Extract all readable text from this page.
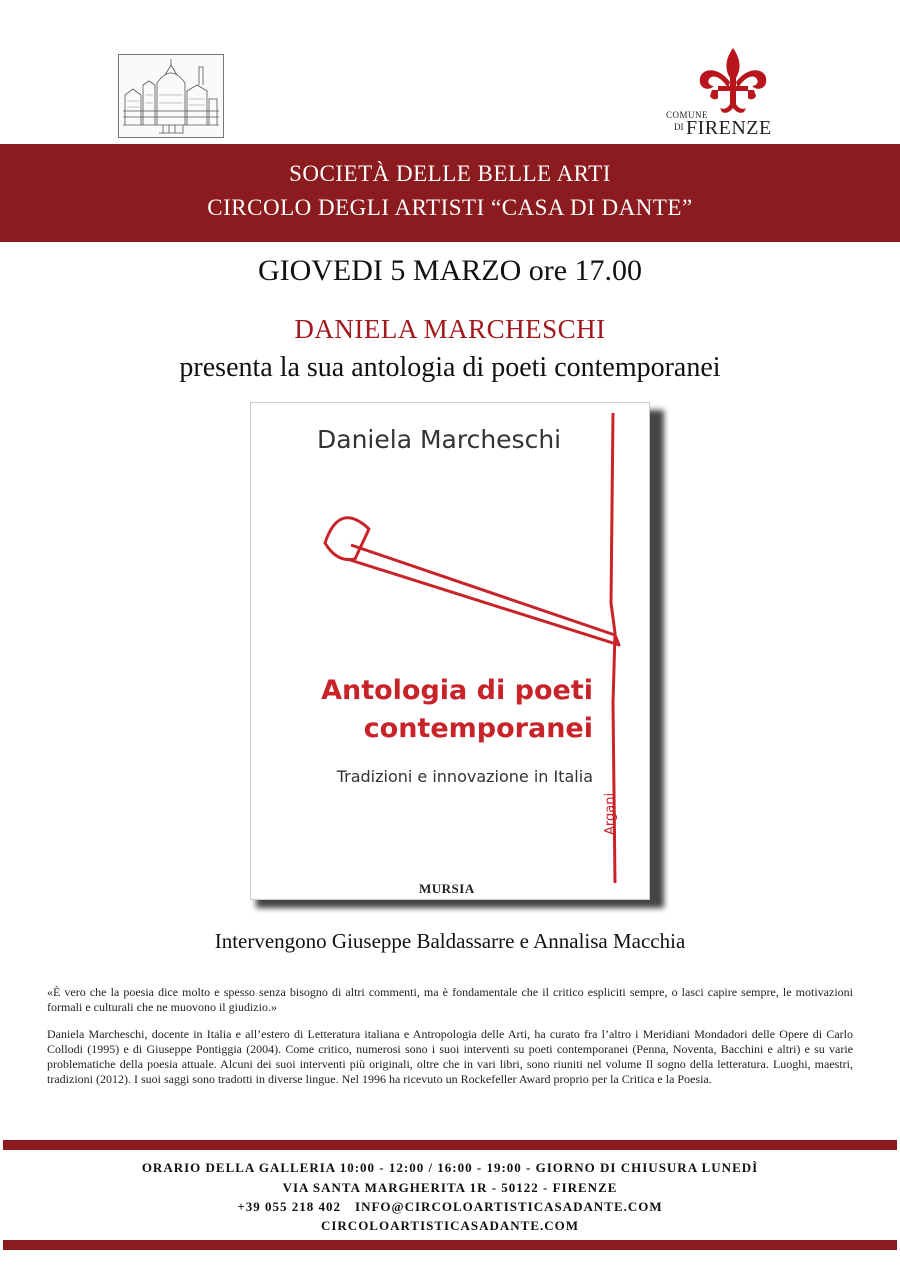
COMUNE
DI FIRENZE
SOCIETÀ DELLE BELLE ARTI
CIRCOLO DEGLI ARTISTI “CASA DI DANTE”
GIOVEDI 5 MARZO ore 17.00
DANIELA MARCHESCHI
presenta la sua antologia di poeti contemporanei
Daniela Marcheschi
Antologia di poeti
contemporanei
Tradizioni e innovazione in Italia
MURSIA
Argani
Intervengono Giuseppe Baldassarre e Annalisa Macchia
«È vero che la poesia dice molto e spesso senza bisogno di altri commenti, ma è fondamentale che il critico espliciti sempre, o lasci capire sempre, le motivazioni formali e culturali che ne muovono il giudizio.»
Daniela Marcheschi, docente in Italia e all’estero di Letteratura italiana e Antropologia delle Arti, ha curato fra l’altro i Meridiani Mondadori delle Opere di Carlo Collodi (1995) e di Giuseppe Pontiggia (2004). Come critico, numerosi sono i suoi interventi su poeti contemporanei (Penna, Noventa, Bacchini e altri) e su varie problematiche della poesia attuale. Alcuni dei suoi interventi più originali, oltre che in vari libri, sono riuniti nel volume Il sogno della letteratura. Luoghi, maestri, tradizioni (2012). I suoi saggi sono tradotti in diverse lingue. Nel 1996 ha ricevuto un Rockefeller Award proprio per la Critica e la Poesia.
ORARIO DELLA GALLERIA 10:00 - 12:00 / 16:00 - 19:00 - GIORNO DI CHIUSURA LUNEDÌ
VIA SANTA MARGHERITA 1R - 50122 - FIRENZE
+39 055 218 402 INFO@CIRCOLOARTISTICASADANTE.COM
CIRCOLOARTISTICASADANTE.COM
